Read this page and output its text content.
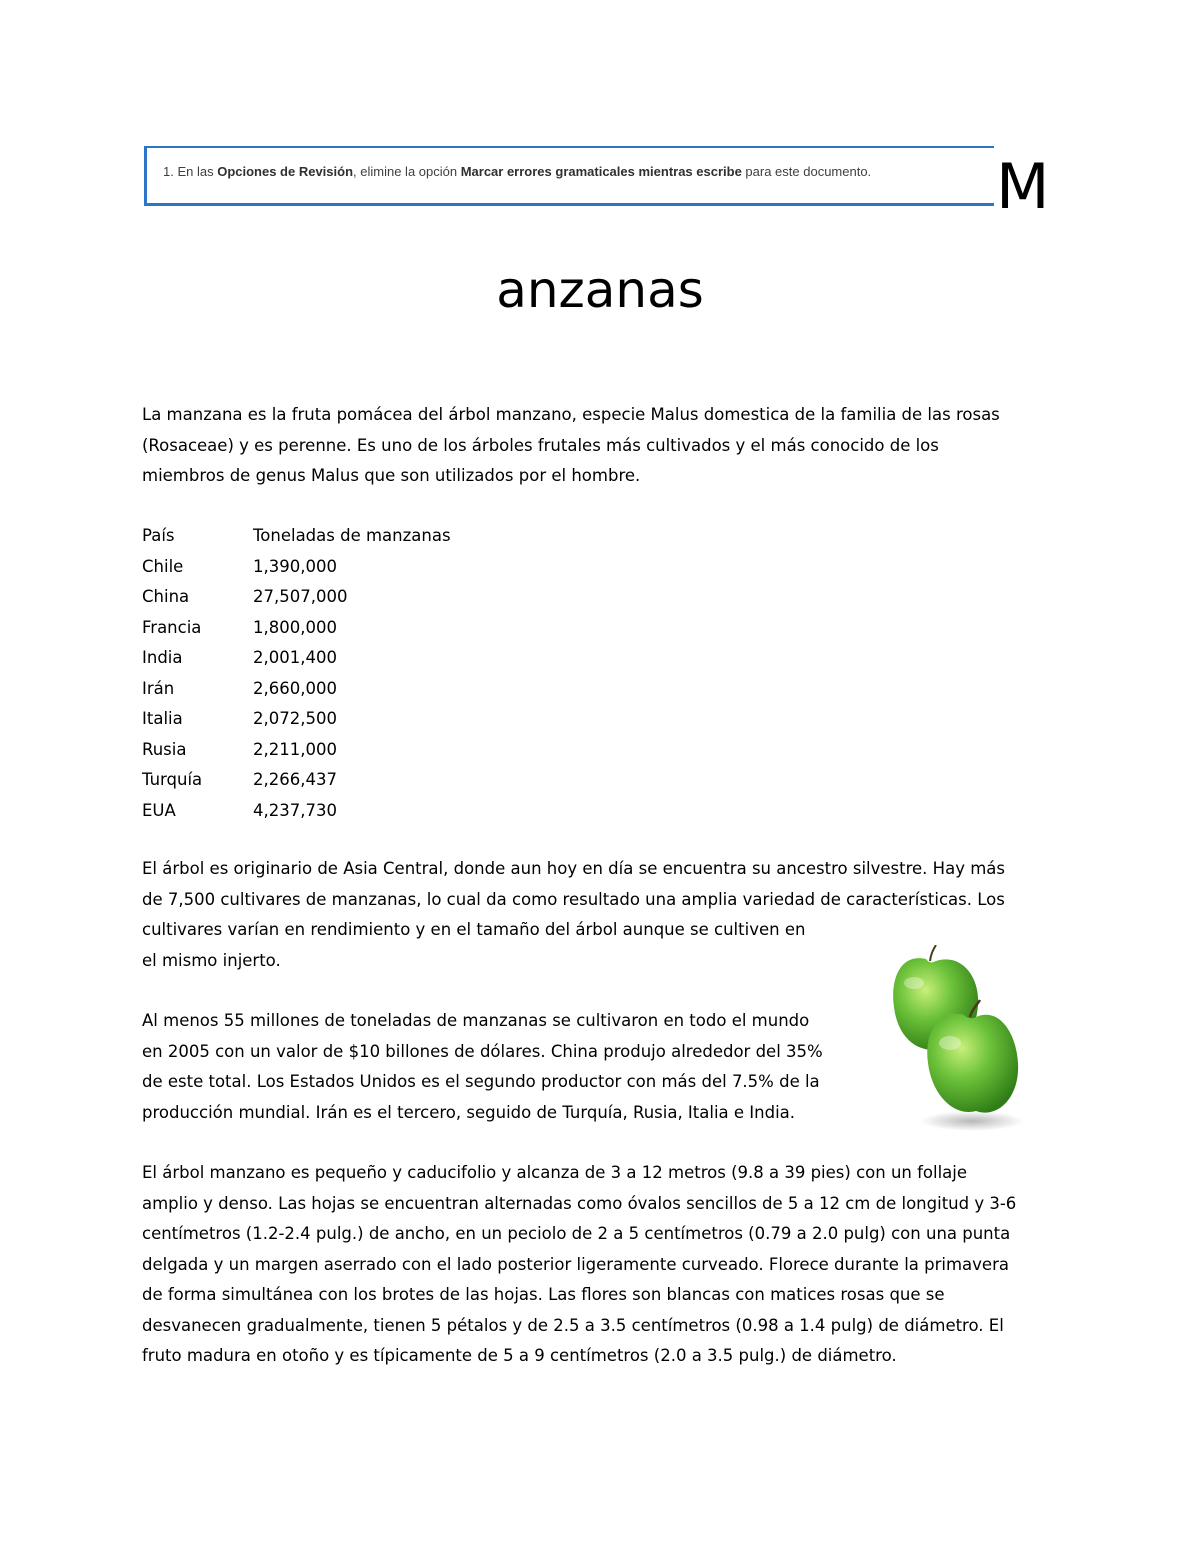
1. En las Opciones de Revisión, elimine la opción Marcar errores gramaticales mientras escribe para este documento. M
anzanas

La manzana es la fruta pomácea del árbol manzano, especie Malus domestica de la familia de las rosas
(Rosaceae) y es perenne. Es uno de los árboles frutales más cultivados y el más conocido de los
miembros de genus Malus que son utilizados por el hombre.

País	Toneladas de manzanas
Chile	1,390,000
China	27,507,000
Francia	1,800,000
India	2,001,400
Irán	2,660,000
Italia	2,072,500
Rusia	2,211,000
Turquía	2,266,437
EUA	4,237,730

El árbol es originario de Asia Central, donde aun hoy en día se encuentra su ancestro silvestre. Hay más
de 7,500 cultivares de manzanas, lo cual da como resultado una amplia variedad de características. Los
cultivares varían en rendimiento y en el tamaño del árbol aunque se cultiven en
el mismo injerto.

Al menos 55 millones de toneladas de manzanas se cultivaron en todo el mundo
en 2005 con un valor de $10 billones de dólares. China produjo alrededor del 35%
de este total. Los Estados Unidos es el segundo productor con más del 7.5% de la
producción mundial. Irán es el tercero, seguido de Turquía, Rusia, Italia e India.

El árbol manzano es pequeño y caducifolio y alcanza de 3 a 12 metros (9.8 a 39 pies) con un follaje
amplio y denso. Las hojas se encuentran alternadas como óvalos sencillos de 5 a 12 cm de longitud y 3-6
centímetros (1.2-2.4 pulg.) de ancho, en un peciolo de 2 a 5 centímetros (0.79 a 2.0 pulg) con una punta
delgada y un margen aserrado con el lado posterior ligeramente curveado. Florece durante la primavera
de forma simultánea con los brotes de las hojas. Las flores son blancas con matices rosas que se
desvanecen gradualmente, tienen 5 pétalos y de 2.5 a 3.5 centímetros (0.98 a 1.4 pulg) de diámetro. El
fruto madura en otoño y es típicamente de 5 a 9 centímetros (2.0 a 3.5 pulg.) de diámetro.
